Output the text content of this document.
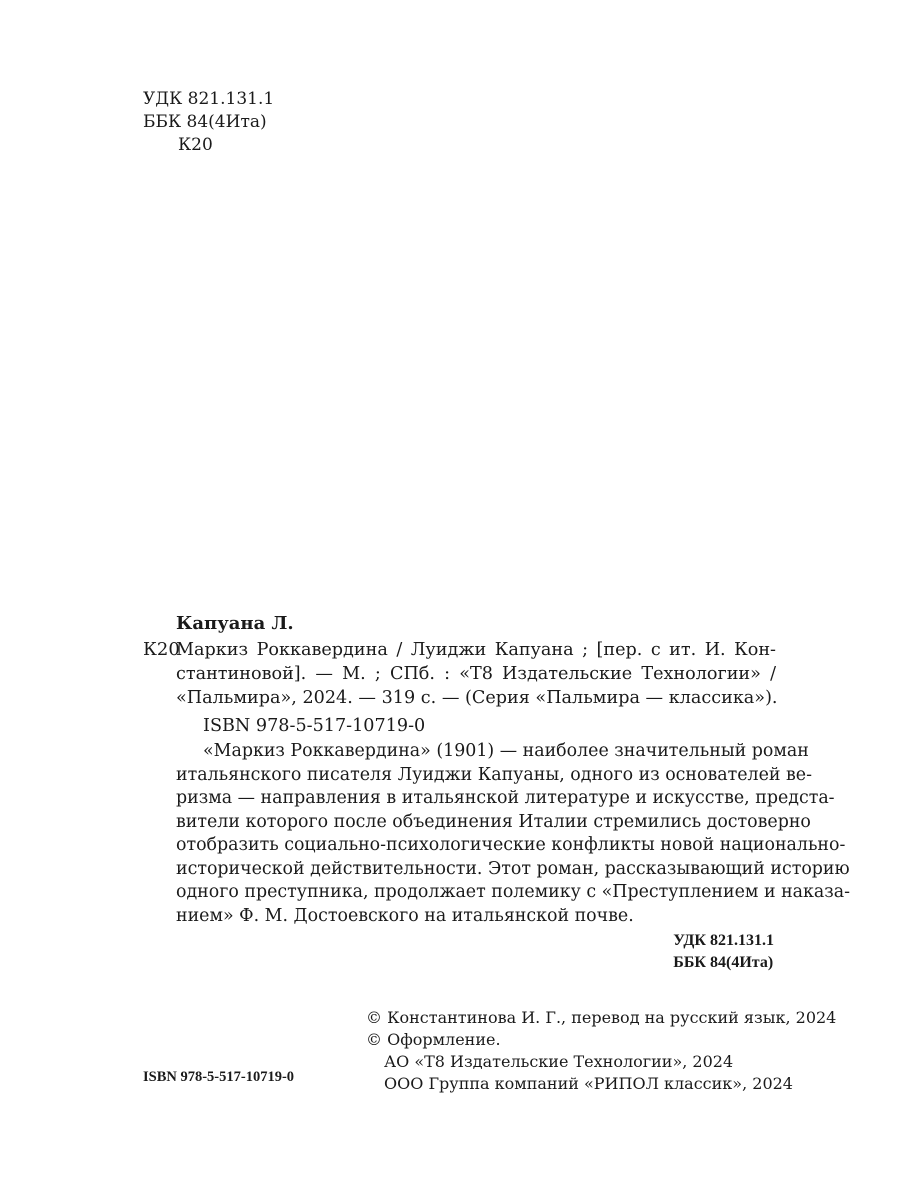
УДК 821.131.1
ББК 84(4Ита)
К20
Капуана Л.
К20
Маркиз Роккавердина / Луиджи Капуана ; [пер. с ит. И. Кон-
стантиновой]. — М. ; СПб. : «Т8 Издательские Технологии» /
«Пальмира», 2024. — 319 с. — (Серия «Пальмира — классика»).
ISBN 978-5-517-10719-0
«Маркиз Роккавердина» (1901) — наиболее значительный роман
итальянского писателя Луиджи Капуаны, одного из основателей ве-
ризма — направления в итальянской литературе и искусстве, предста-
вители которого после объединения Италии стремились достоверно
отобразить социально-психологические конфликты новой национально-
исторической действительности. Этот роман, рассказывающий историю
одного преступника, продолжает полемику с «Преступлением и наказа-
нием» Ф. М. Достоевского на итальянской почве.
УДК 821.131.1
ББК 84(4Ита)
© Константинова И. Г., перевод на русский язык, 2024
© Оформление.
АО «Т8 Издательские Технологии», 2024
ООО Группа компаний «РИПОЛ классик», 2024
ISBN 978-5-517-10719-0
